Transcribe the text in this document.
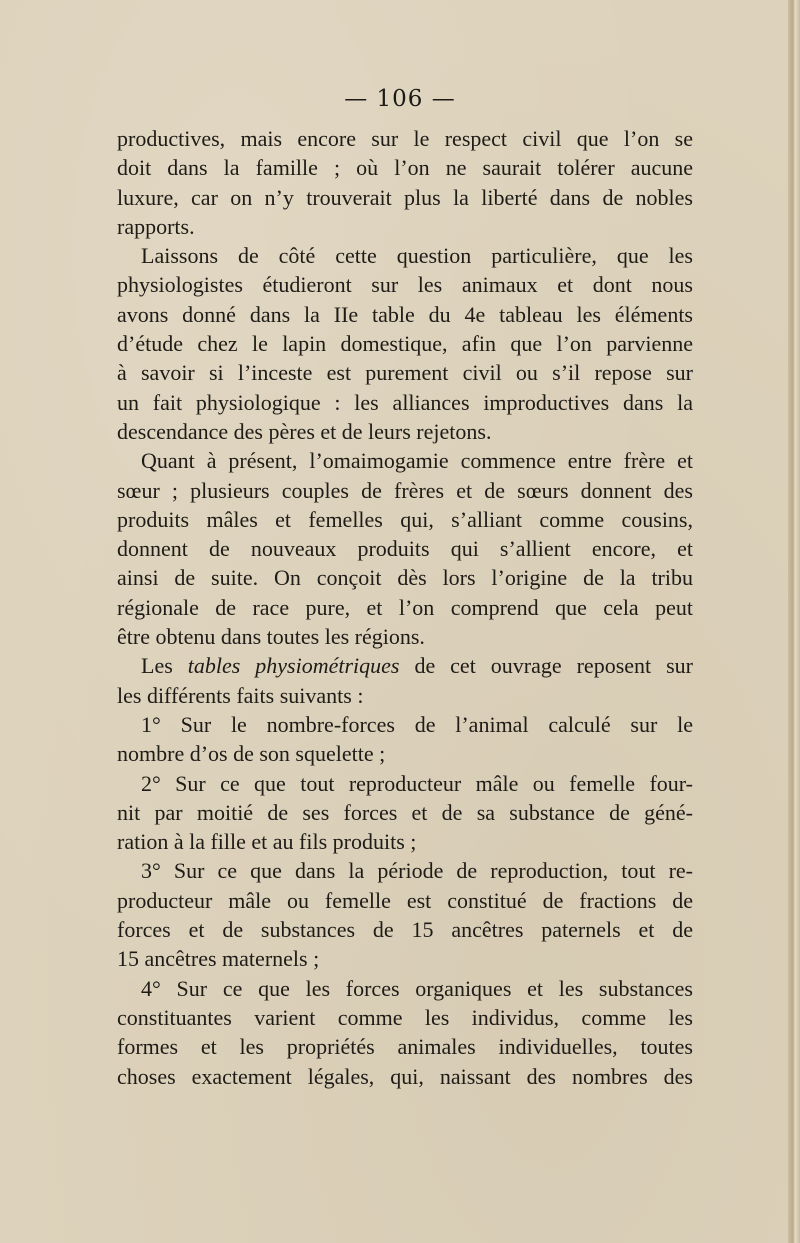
— 106 —
productives, mais encore sur le respect civil que l’on se
doit dans la famille ; où l’on ne saurait tolérer aucune
luxure, car on n’y trouverait plus la liberté dans de nobles
rapports.
Laissons de côté cette question particulière, que les
physiologistes étudieront sur les animaux et dont nous
avons donné dans la IIe table du 4e tableau les éléments
d’étude chez le lapin domestique, afin que l’on parvienne
à savoir si l’inceste est purement civil ou s’il repose sur
un fait physiologique : les alliances improductives dans la
descendance des pères et de leurs rejetons.
Quant à présent, l’omaimogamie commence entre frère et
sœur ; plusieurs couples de frères et de sœurs donnent des
produits mâles et femelles qui, s’alliant comme cousins,
donnent de nouveaux produits qui s’allient encore, et
ainsi de suite. On conçoit dès lors l’origine de la tribu
régionale de race pure, et l’on comprend que cela peut
être obtenu dans toutes les régions.
Les tables physiométriques de cet ouvrage reposent sur
les différents faits suivants :
1° Sur le nombre-forces de l’animal calculé sur le
nombre d’os de son squelette ;
2° Sur ce que tout reproducteur mâle ou femelle four-
nit par moitié de ses forces et de sa substance de géné-
ration à la fille et au fils produits ;
3° Sur ce que dans la période de reproduction, tout re-
producteur mâle ou femelle est constitué de fractions de
forces et de substances de 15 ancêtres paternels et de
15 ancêtres maternels ;
4° Sur ce que les forces organiques et les substances
constituantes varient comme les individus, comme les
formes et les propriétés animales individuelles, toutes
choses exactement légales, qui, naissant des nombres des
